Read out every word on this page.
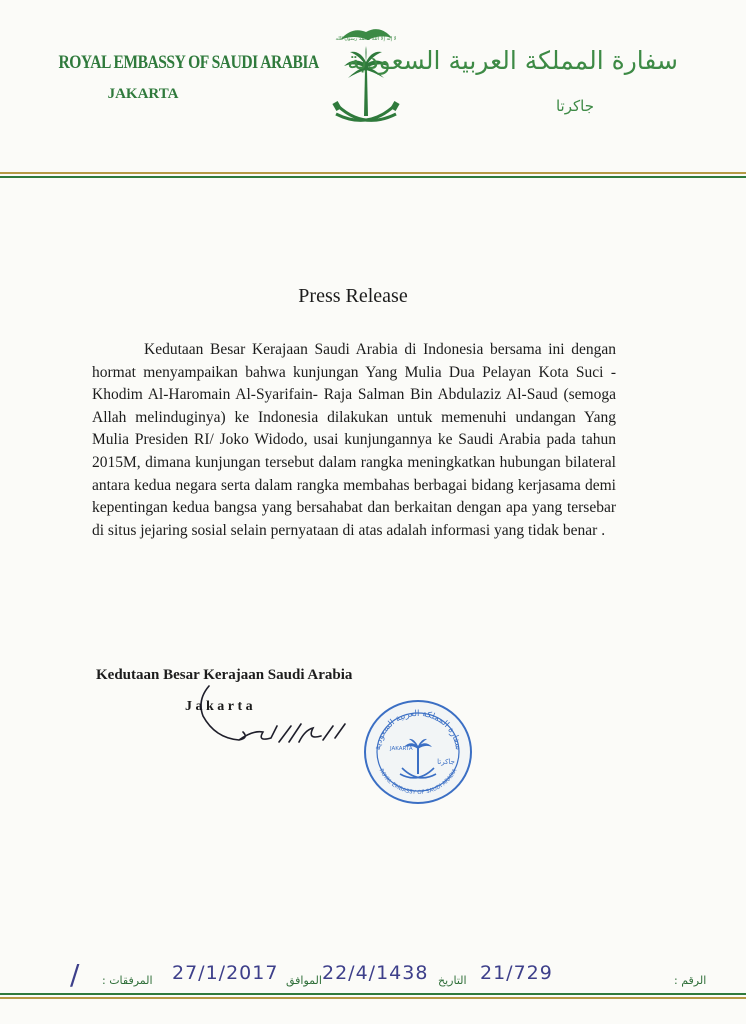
ROYAL EMBASSY OF SAUDI ARABIA
JAKARTA
لا إله إلا الله محمد رسول الله
سفارة المملكة العربية السعودية
جاكرتا
Press Release
Kedutaan Besar Kerajaan Saudi Arabia di Indonesia bersama ini dengan hormat menyampaikan bahwa kunjungan Yang Mulia Dua Pelayan Kota Suci - Khodim Al-Haromain Al-Syarifain- Raja Salman Bin Abdulaziz Al-Saud (semoga Allah melinduginya) ke Indonesia dilakukan untuk memenuhi undangan Yang Mulia Presiden RI/ Joko Widodo, usai kunjungannya ke Saudi Arabia pada tahun 2015M, dimana kunjungan tersebut dalam rangka meningkatkan hubungan bilateral antara kedua negara serta dalam rangka membahas berbagai bidang kerjasama demi kepentingan kedua bangsa yang bersahabat dan berkaitan dengan apa yang tersebar di situs jejaring sosial selain pernyataan di atas adalah informasi yang tidak benar .
Kedutaan Besar Kerajaan Saudi Arabia
Jakarta
سفارة المملكة العربية السعودية
ROYAL EMBASSY OF SAUDI ARABIA
JAKARTA
جاكرتا
المرفقات :
/	27/1/2017 الموافق 22/4/1438 التاريخ 21/729	الرقم :
